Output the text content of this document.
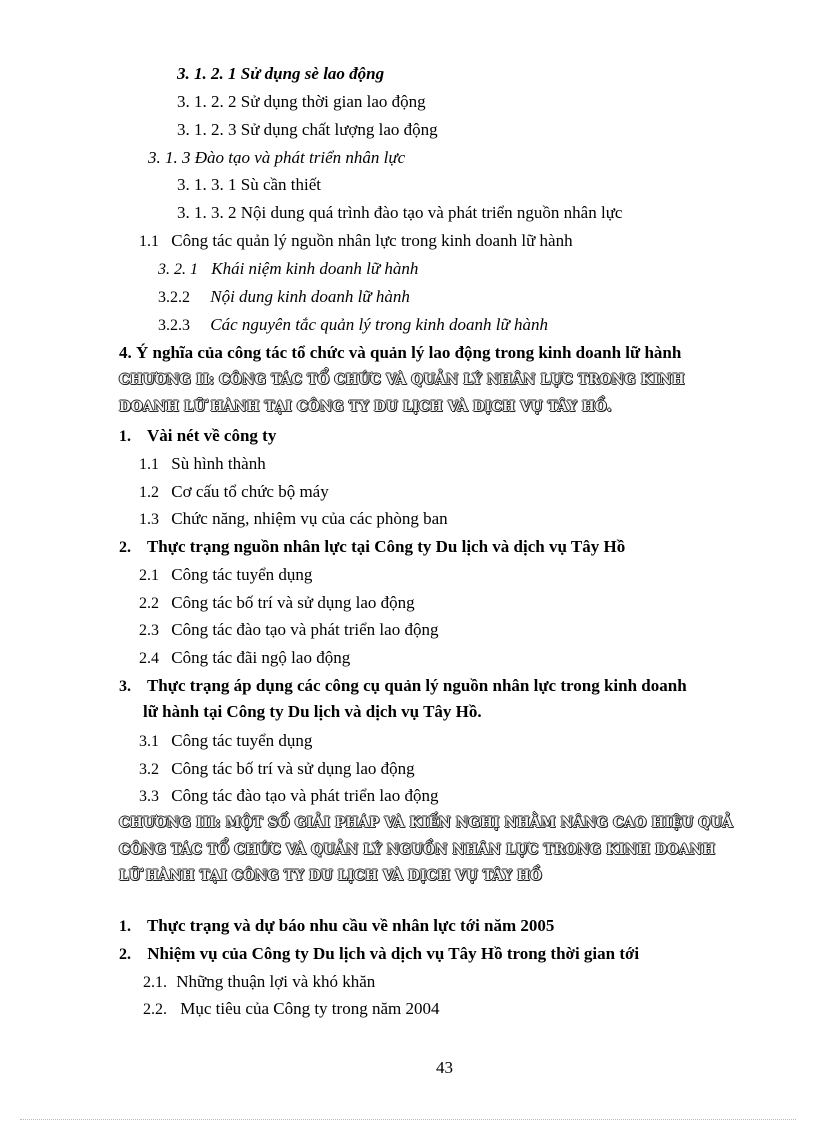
3. 1. 2. 1 Sử dụng sè lao động
3. 1. 2. 2 Sử dụng thời gian lao động
3. 1. 2. 3 Sử dụng chất lượng lao động
3. 1. 3 Đào tạo và phát triển nhân lực
3. 1. 3. 1 Sù cần thiết
3. 1. 3. 2 Nội dung quá trình đào tạo và phát triển nguồn nhân lực
1.1 Công tác quản lý nguồn nhân lực trong kinh doanh lữ hành
3. 2. 1 Khái niệm kinh doanh lữ hành
3.2.2 Nội dung kinh doanh lữ hành
3.2.3 Các nguyên tắc quản lý trong kinh doanh lữ hành
4. Ý nghĩa của công tác tổ chức và quản lý lao động trong kinh doanh lữ hành
CHƯƠNG II: CÔNG TÁC TỔ CHỨC VÀ QUẢN LÝ NHÂN LỰC TRONG KINH
DOANH LỮ HÀNH TẠI CÔNG TY DU LỊCH VÀ DỊCH VỤ TÂY HỒ.
1. Vài nét về công ty
1.1 Sù hình thành
1.2 Cơ cấu tổ chức bộ máy
1.3 Chức năng, nhiệm vụ của các phòng ban
2. Thực trạng nguồn nhân lực tại Công ty Du lịch và dịch vụ Tây Hồ
2.1 Công tác tuyển dụng
2.2 Công tác bố trí và sử dụng lao động
2.3 Công tác đào tạo và phát triển lao động
2.4 Công tác đãi ngộ lao động
3. Thực trạng áp dụng các công cụ quản lý nguồn nhân lực trong kinh doanh
lữ hành tại Công ty Du lịch và dịch vụ Tây Hồ.
3.1 Công tác tuyển dụng
3.2 Công tác bố trí và sử dụng lao động
3.3 Công tác đào tạo và phát triển lao động
CHƯƠNG III: MỘT SỐ GIẢI PHÁP VÀ KIẾN NGHỊ NHẰM NÂNG CAO HIỆU QUẢ
CÔNG TÁC TỔ CHỨC VÀ QUẢN LÝ NGUỒN NHÂN LỰC TRONG KINH DOANH
LỮ HÀNH TẠI CÔNG TY DU LỊCH VÀ DỊCH VỤ TÂY HỒ
1. Thực trạng và dự báo nhu cầu về nhân lực tới năm 2005
2. Nhiệm vụ của Công ty Du lịch và dịch vụ Tây Hồ trong thời gian tới
2.1. Những thuận lợi và khó khăn
2.2. Mục tiêu của Công ty trong năm 2004
43
